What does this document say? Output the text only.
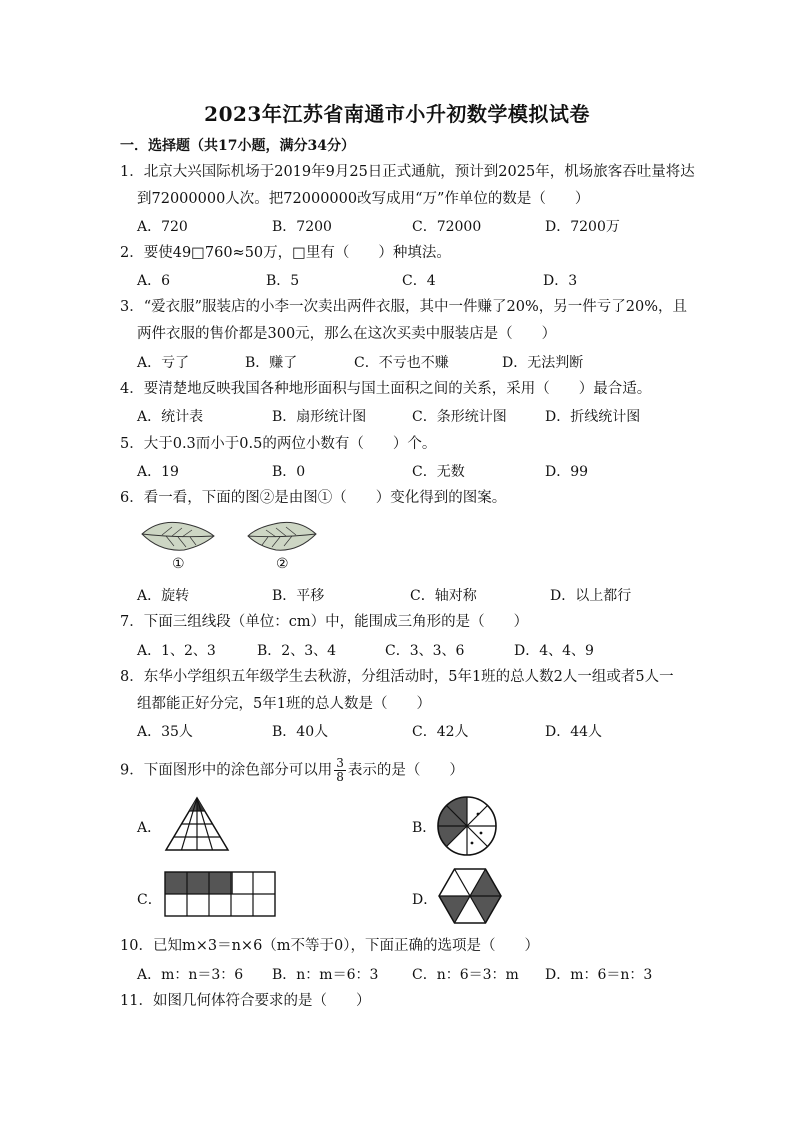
2023年江苏省南通市小升初数学模拟试卷
一．选择题（共17小题，满分34分）
1．北京大兴国际机场于2019年9月25日正式通航，预计到2025年，机场旅客吞吐量将达
到72000000人次。把72000000改写成用“万”作单位的数是（　　）
A．720	B．7200	C．72000	D．7200万
2．要使49□760≈50万，□里有（　　）种填法。
A．6	B．5	C．4	D．3
3．“爱衣服”服装店的小李一次卖出两件衣服，其中一件赚了20%，另一件亏了20%，且
两件衣服的售价都是300元，那么在这次买卖中服装店是（　　）
A．亏了	B．赚了	C．不亏也不赚	D．无法判断
4．要清楚地反映我国各种地形面积与国土面积之间的关系，采用（　　）最合适。
A．统计表	B．扇形统计图	C．条形统计图	D．折线统计图
5．大于0.3而小于0.5的两位小数有（　　）个。
A．19	B．0	C．无数	D．99
6．看一看，下面的图②是由图①（　　）变化得到的图案。
①	②
A．旋转	B．平移	C．轴对称	D．以上都行
7．下面三组线段（单位：cm）中，能围成三角形的是（　　）
A．1、2、3	B．2、3、4	C．3、3、6	D．4、4、9
8．东华小学组织五年级学生去秋游，分组活动时，5年1班的总人数2人一组或者5人一
组都能正好分完，5年1班的总人数是（　　）
A．35人	B．40人	C．42人	D．44人
9．下面图形中的涂色部分可以用 $\frac{3}{8}$ 表示的是（　　）
A．	B．
C．	D．
10．已知m×3＝n×6（m不等于0），下面正确的选项是（　　）
A．m：n＝3：6 B．n：m＝6：3 C．n：6＝3：m D．m：6＝n：3
11．如图几何体符合要求的是（　　）
